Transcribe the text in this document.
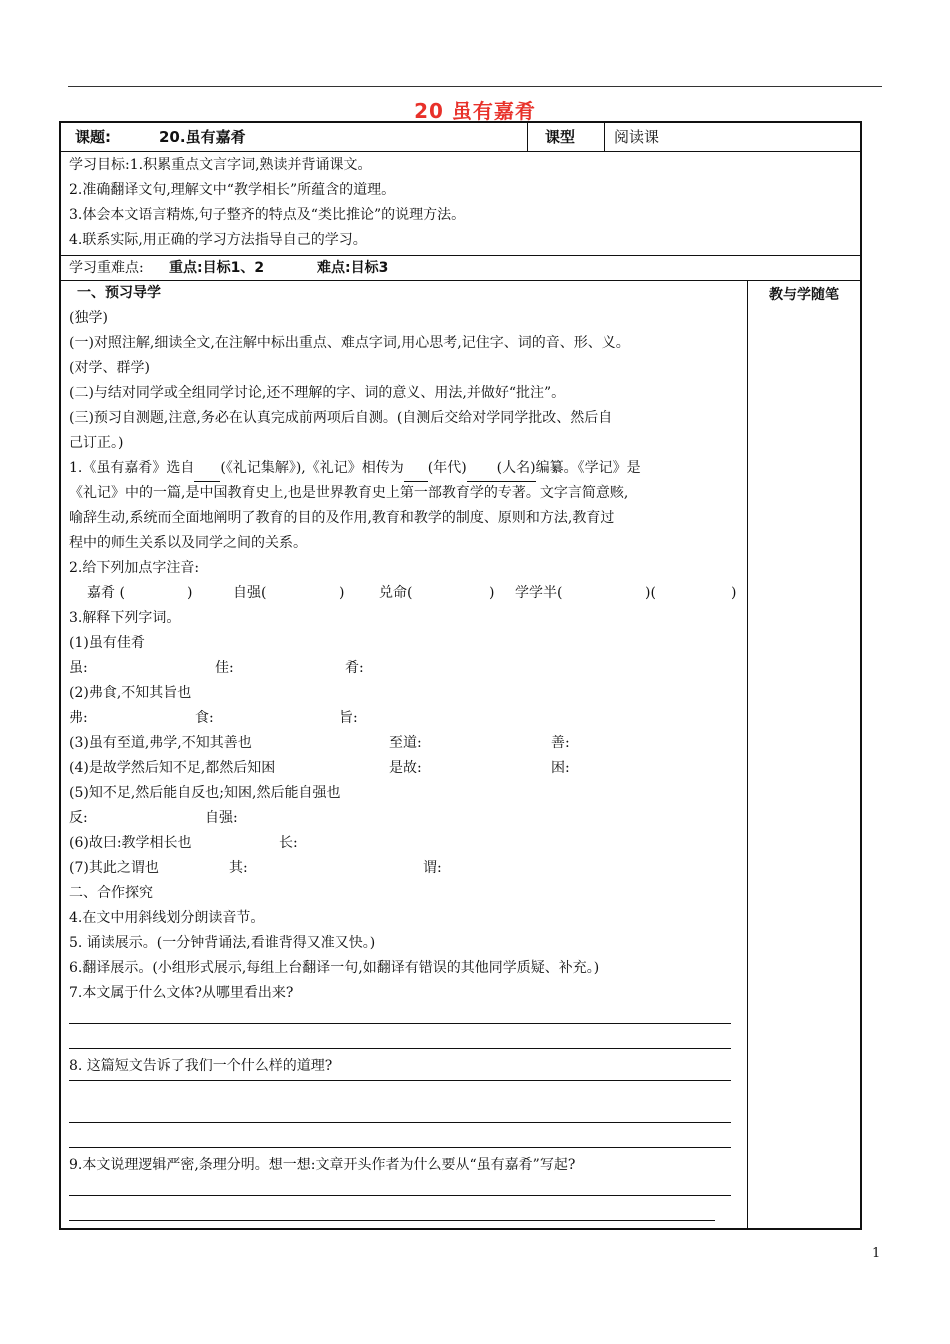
20 虽有嘉肴
课题:	20.虽有嘉肴	课型	阅读课
学习目标:1.积累重点文言字词,熟读并背诵课文。
2.准确翻译文句,理解文中“教学相长”所蕴含的道理。
3.体会本文语言精炼,句子整齐的特点及“类比推论”的说理方法。
4.联系实际,用正确的学习方法指导自己的学习。
学习重难点: 重点:目标1、2	难点:目标3
教与学随笔
一、预习导学
(独学)
(一)对照注解,细读全文,在注解中标出重点、难点字词,用心思考,记住字、词的音、形、义。
(对学、群学)
(二)与结对同学或全组同学讨论,还不理解的字、词的意义、用法,并做好“批注”。
(三)预习自测题,注意,务必在认真完成前两项后自测。(自测后交给对学同学批改、然后自
己订正。)
1.《虽有嘉肴》选自 (《礼记集解》),《礼记》相传为 (年代) (人名)编纂。《学记》是
《礼记》中的一篇,是中国教育史上,也是世界教育史上第一部教育学的专著。文字言简意赅,
喻辞生动,系统而全面地阐明了教育的目的及作用,教育和教学的制度、原则和方法,教育过
程中的师生关系以及同学之间的关系。
2.给下列加点字注音:
嘉肴 (	)	自强(	) 兑命(	) 学学半(	)(	)
3.解释下列字词。
(1)虽有佳肴
虽:	佳:	肴:
(2)弗食,不知其旨也
弗:	食:	旨:
(3)虽有至道,弗学,不知其善也	至道:	善:
(4)是故学然后知不足,都然后知困	是故:	困:
(5)知不足,然后能自反也;知困,然后能自强也
反:	自强:
(6)故曰:教学相长也	长:
(7)其此之谓也	其:	谓:
二、合作探究
4.在文中用斜线划分朗读音节。
5. 诵读展示。(一分钟背诵法,看谁背得又准又快。)
6.翻译展示。(小组形式展示,每组上台翻译一句,如翻译有错误的其他同学质疑、补充。)
7.本文属于什么文体?从哪里看出来?
8. 这篇短文告诉了我们一个什么样的道理?
9.本文说理逻辑严密,条理分明。想一想:文章开头作者为什么要从“虽有嘉肴”写起?
1
